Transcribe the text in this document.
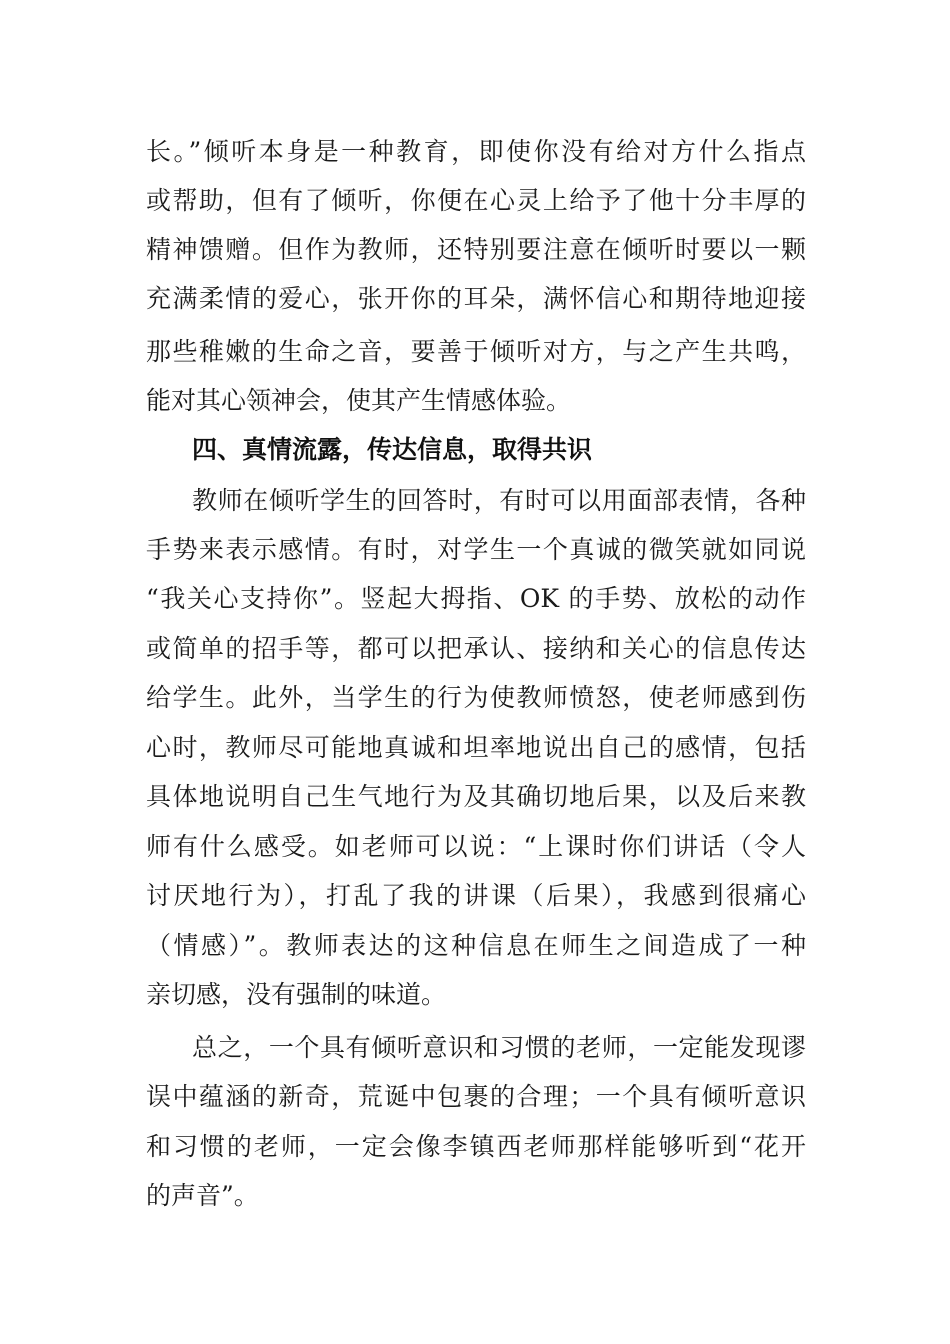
长。”倾听本身是一种教育，即使你没有给对方什么指点
或帮助，但有了倾听，你便在心灵上给予了他十分丰厚的
精神馈赠。但作为教师，还特别要注意在倾听时要以一颗
充满柔情的爱心，张开你的耳朵，满怀信心和期待地迎接
那些稚嫩的生命之音，要善于倾听对方，与之产生共鸣，
能对其心领神会，使其产生情感体验。
四、真情流露，传达信息，取得共识
教师在倾听学生的回答时，有时可以用面部表情，各种
手势来表示感情。有时，对学生一个真诚的微笑就如同说
“我关心支持你”。竖起大拇指、OK 的手势、放松的动作
或简单的招手等，都可以把承认、接纳和关心的信息传达
给学生。此外，当学生的行为使教师愤怒，使老师感到伤
心时，教师尽可能地真诚和坦率地说出自己的感情，包括
具体地说明自己生气地行为及其确切地后果，以及后来教
师有什么感受。如老师可以说：“上课时你们讲话（令人
讨厌地行为），打乱了我的讲课（后果），我感到很痛心
（情感）”。教师表达的这种信息在师生之间造成了一种
亲切感，没有强制的味道。
总之，一个具有倾听意识和习惯的老师，一定能发现谬
误中蕴涵的新奇，荒诞中包裹的合理；一个具有倾听意识
和习惯的老师，一定会像李镇西老师那样能够听到“花开
的声音”。
